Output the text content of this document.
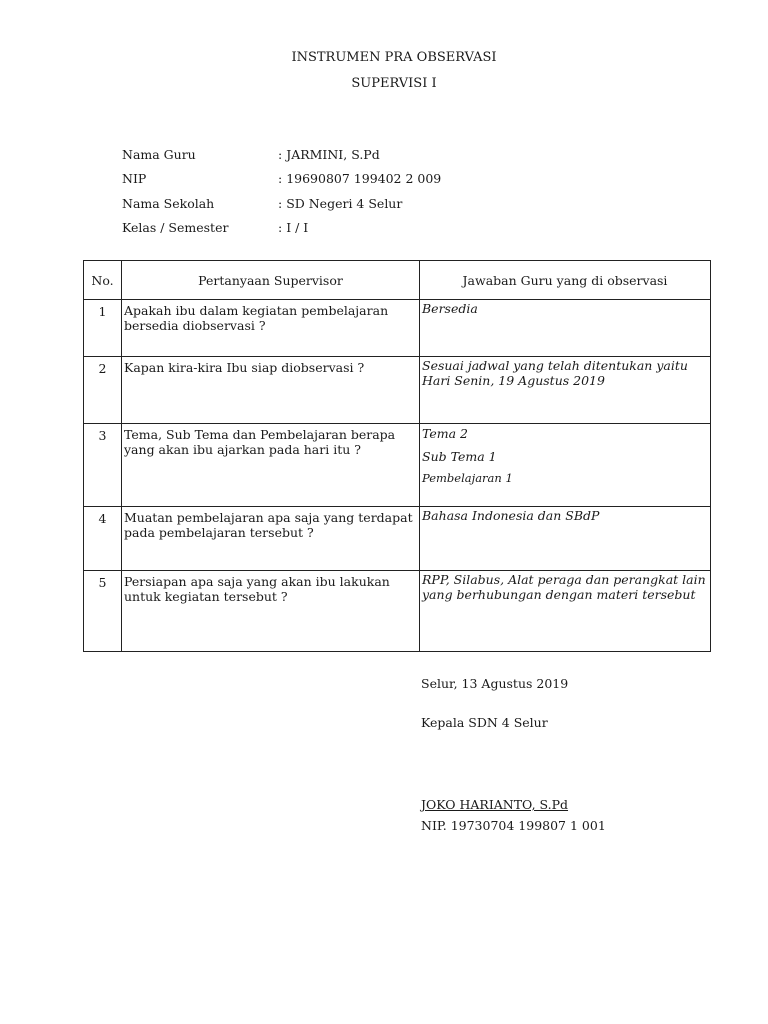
INSTRUMEN PRA OBSERVASI
SUPERVISI I
Nama Guru	: JARMINI, S.Pd
NIP	: 19690807 199402 2 009
Nama Sekolah	: SD Negeri 4 Selur
Kelas / Semester	: I / I
No.	Pertanyaan Supervisor	Jawaban Guru yang di observasi

1	Apakah ibu dalam kegiatan pembelajaran bersedia diobservasi ?	Bersedia

2	Kapan kira-kira Ibu siap diobservasi ?	Sesuai jadwal yang telah ditentukan yaitu Hari Senin, 19 Agustus 2019

3	Tema, Sub Tema dan Pembelajaran berapa yang akan ibu ajarkan pada hari itu ?	Tema 2
Sub Tema 1
Pembelajaran 1

4	Muatan pembelajaran apa saja yang terdapat pada pembelajaran tersebut ?	Bahasa Indonesia dan SBdP

5	Persiapan apa saja yang akan ibu lakukan untuk kegiatan tersebut ?	RPP, Silabus, Alat peraga dan perangkat lain yang berhubungan dengan materi tersebut
Selur, 13 Agustus 2019
Kepala SDN 4 Selur
JOKO HARIANTO, S.Pd
NIP. 19730704 199807 1 001
